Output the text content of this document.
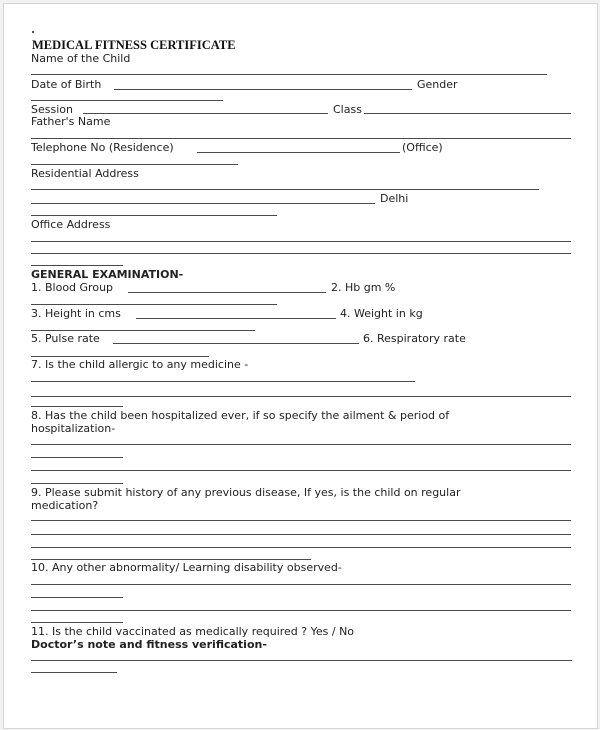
MEDICAL FITNESS CERTIFICATE
Name of the Child
Date of Birth	Gender
Session	Class
Father's Name
Telephone No (Residence)	(Office)
Residential Address
Delhi
Office Address
GENERAL EXAMINATION-
1. Blood Group	2. Hb gm %
3. Height in cms	4. Weight in kg
5. Pulse rate	6. Respiratory rate
7. Is the child allergic to any medicine -
8. Has the child been hospitalized ever, if so specify the ailment & period of
hospitalization-
9. Please submit history of any previous disease, If yes, is the child on regular
medication?
10. Any other abnormality/ Learning disability observed-
11. Is the child vaccinated as medically required ? Yes / No
Doctor’s note and fitness verification-
